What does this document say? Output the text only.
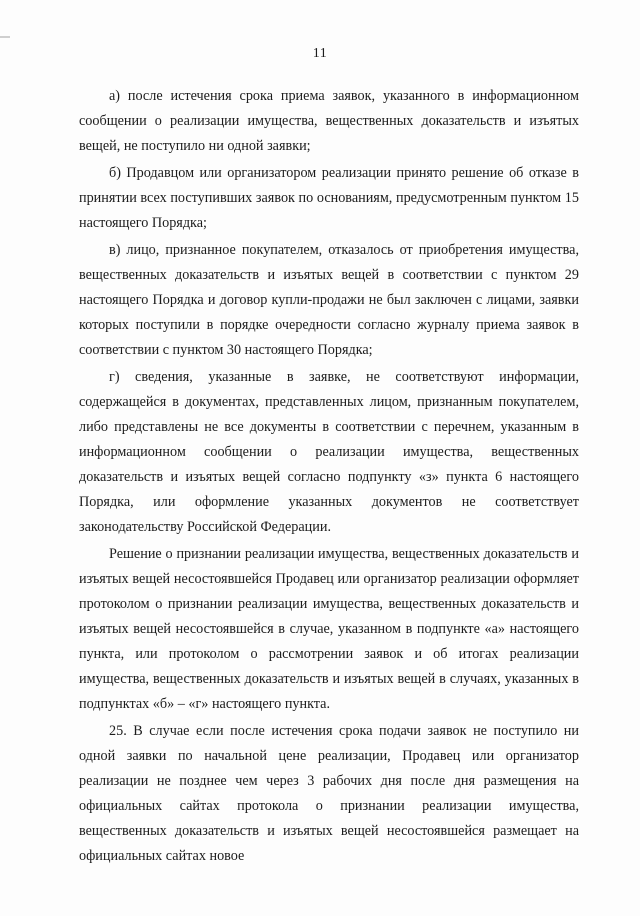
11

а) после истечения срока приема заявок, указанного в информационном сообщении о реализации имущества, вещественных доказательств и изъятых вещей, не поступило ни одной заявки;

б) Продавцом или организатором реализации принято решение об отказе в принятии всех поступивших заявок по основаниям, предусмотренным пунктом 15 настоящего Порядка;

в) лицо, признанное покупателем, отказалось от приобретения имущества, вещественных доказательств и изъятых вещей в соответствии с пунктом 29 настоящего Порядка и договор купли-продажи не был заключен с лицами, заявки которых поступили в порядке очередности согласно журналу приема заявок в соответствии с пунктом 30 настоящего Порядка;

г) сведения, указанные в заявке, не соответствуют информации, содержащейся в документах, представленных лицом, признанным покупателем, либо представлены не все документы в соответствии с перечнем, указанным в информационном сообщении о реализации имущества, вещественных доказательств и изъятых вещей согласно подпункту «з» пункта 6 настоящего Порядка, или оформление указанных документов не соответствует законодательству Российской Федерации.

Решение о признании реализации имущества, вещественных доказательств и изъятых вещей несостоявшейся Продавец или организатор реализации оформляет протоколом о признании реализации имущества, вещественных доказательств и изъятых вещей несостоявшейся в случае, указанном в подпункте «а» настоящего пункта, или протоколом о рассмотрении заявок и об итогах реализации имущества, вещественных доказательств и изъятых вещей в случаях, указанных в подпунктах «б» – «г» настоящего пункта.

25. В случае если после истечения срока подачи заявок не поступило ни одной заявки по начальной цене реализации, Продавец или организатор реализации не позднее чем через 3 рабочих дня после дня размещения на официальных сайтах протокола о признании реализации имущества, вещественных доказательств и изъятых вещей несостоявшейся размещает на официальных сайтах новое
